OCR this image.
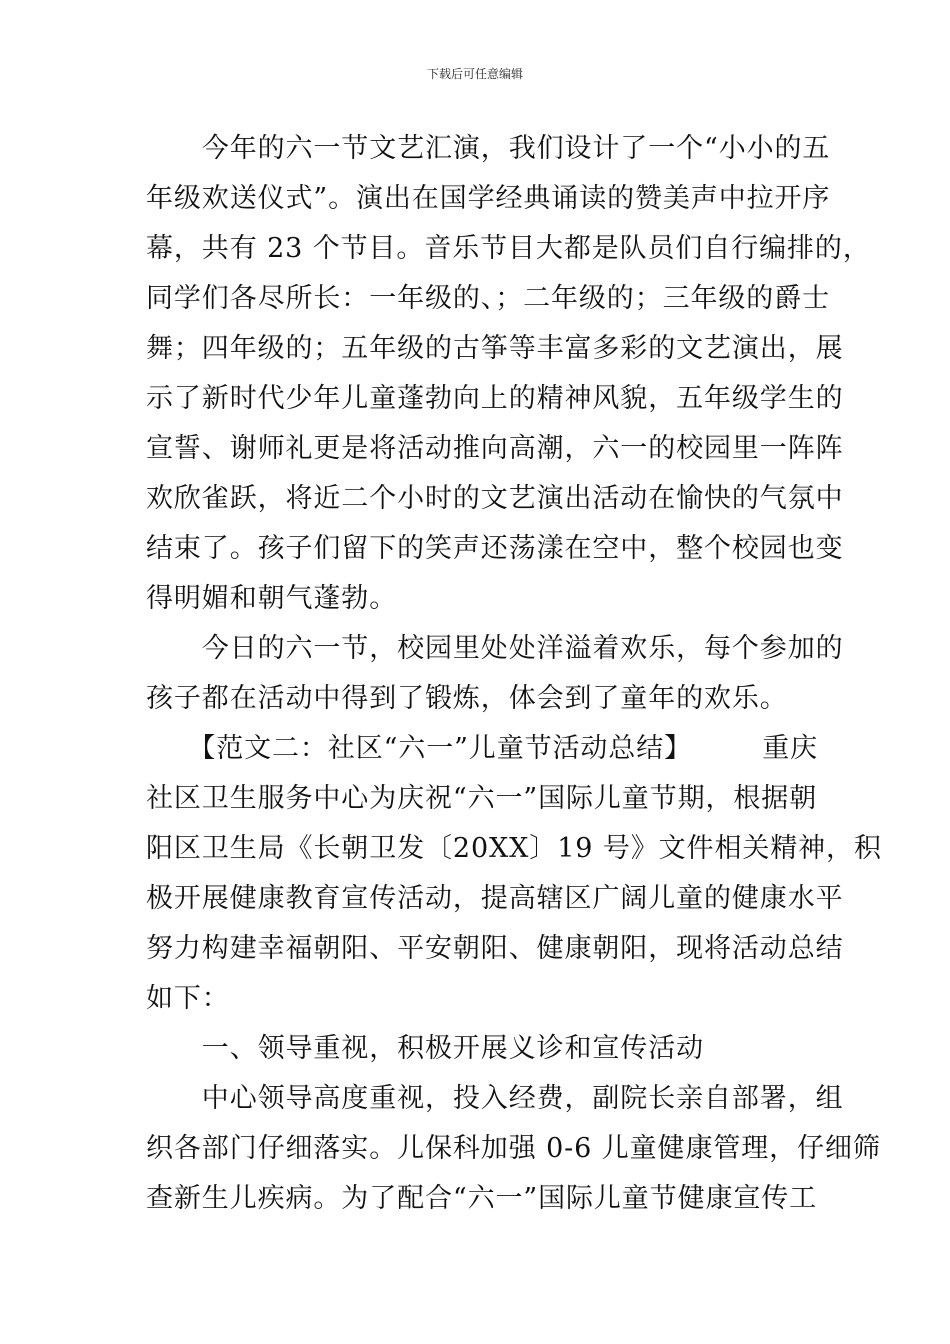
下载后可任意编辑
　　今年的六一节文艺汇演，我们设计了一个“小小的五
年级欢送仪式”。演出在国学经典诵读的赞美声中拉开序
幕，共有 23 个节目。音乐节目大都是队员们自行编排的，
同学们各尽所长：一年级的、；二年级的；三年级的爵士
舞；四年级的；五年级的古筝等丰富多彩的文艺演出，展
示了新时代少年儿童蓬勃向上的精神风貌，五年级学生的
宣誓、谢师礼更是将活动推向高潮，六一的校园里一阵阵
欢欣雀跃，将近二个小时的文艺演出活动在愉快的气氛中
结束了。孩子们留下的笑声还荡漾在空中，整个校园也变
得明媚和朝气蓬勃。
　　今日的六一节，校园里处处洋溢着欢乐，每个参加的
孩子都在活动中得到了锻炼，体会到了童年的欢乐。
　　【范文二：社区“六一”儿童节活动总结】　　　重庆
社区卫生服务中心为庆祝“六一”国际儿童节期，根据朝
阳区卫生局《长朝卫发〔20XX〕19 号》文件相关精神，积
极开展健康教育宣传活动，提高辖区广阔儿童的健康水平
努力构建幸福朝阳、平安朝阳、健康朝阳，现将活动总结
如下：
　　一、领导重视，积极开展义诊和宣传活动
　　中心领导高度重视，投入经费，副院长亲自部署，组
织各部门仔细落实。儿保科加强 0-6 儿童健康管理，仔细筛
查新生儿疾病。为了配合“六一”国际儿童节健康宣传工
